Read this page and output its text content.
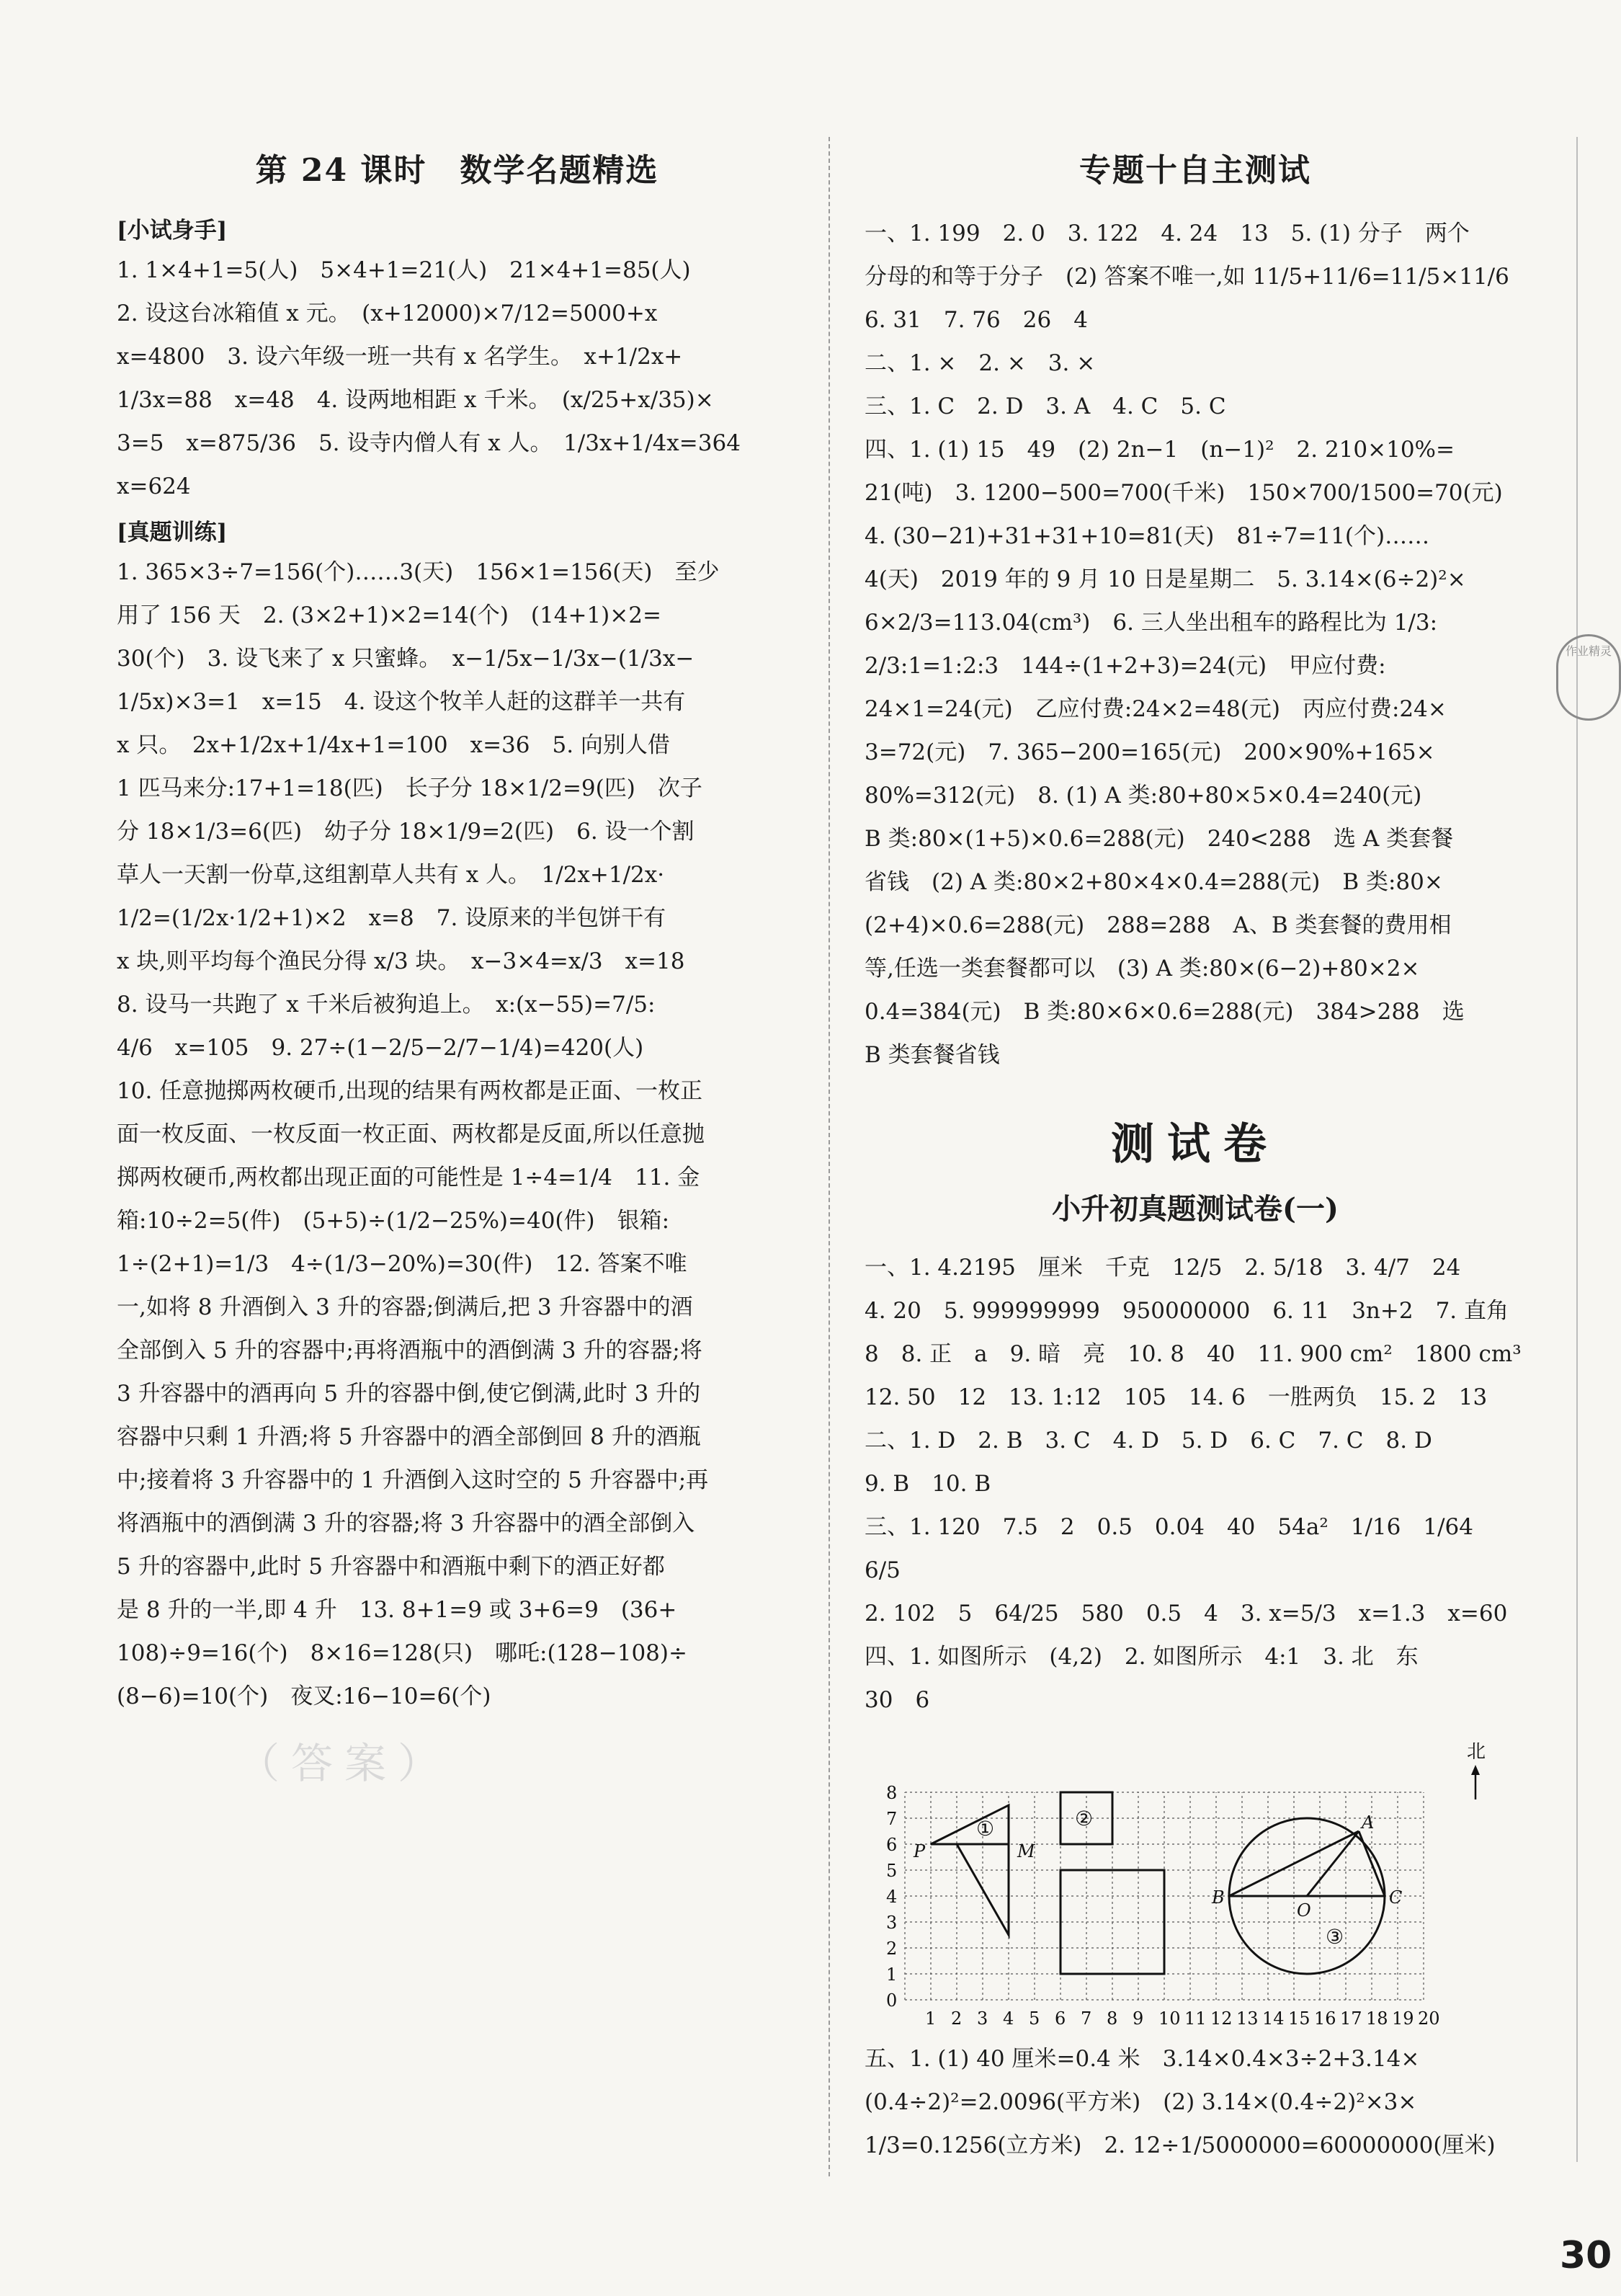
第 24 课时　数学名题精选
[小试身手]

1. 1×4+1=5(人)　5×4+1=21(人)　21×4+1=85(人)

2. 设这台冰箱值 x 元。　(x+12000)×7/12=5000+x

x=4800　3. 设六年级一班一共有 x 名学生。　x+1/2x+

1/3x=88　x=48　4. 设两地相距 x 千米。　(x/25+x/35)×

3=5　x=875/36　5. 设寺内僧人有 x 人。　1/3x+1/4x=364

x=624

[真题训练]

1. 365×3÷7=156(个)……3(天)　156×1=156(天)　至少

用了 156 天　2. (3×2+1)×2=14(个)　(14+1)×2=

30(个)　3. 设飞来了 x 只蜜蜂。　x−1/5x−1/3x−(1/3x−

1/5x)×3=1　x=15　4. 设这个牧羊人赶的这群羊一共有

x 只。　2x+1/2x+1/4x+1=100　x=36　5. 向别人借

1 匹马来分:17+1=18(匹)　长子分 18×1/2=9(匹)　次子

分 18×1/3=6(匹)　幼子分 18×1/9=2(匹)　6. 设一个割

草人一天割一份草,这组割草人共有 x 人。　1/2x+1/2x·

1/2=(1/2x·1/2+1)×2　x=8　7. 设原来的半包饼干有

x 块,则平均每个渔民分得 x/3 块。　x−3×4=x/3　x=18

8. 设马一共跑了 x 千米后被狗追上。　x:(x−55)=7/5:

4/6　x=105　9. 27÷(1−2/5−2/7−1/4)=420(人)

10. 任意抛掷两枚硬币,出现的结果有两枚都是正面、一枚正

面一枚反面、一枚反面一枚正面、两枚都是反面,所以任意抛

掷两枚硬币,两枚都出现正面的可能性是 1÷4=1/4　11. 金

箱:10÷2=5(件)　(5+5)÷(1/2−25%)=40(件)　银箱:

1÷(2+1)=1/3　4÷(1/3−20%)=30(件)　12. 答案不唯

一,如将 8 升酒倒入 3 升的容器;倒满后,把 3 升容器中的酒

全部倒入 5 升的容器中;再将酒瓶中的酒倒满 3 升的容器;将

3 升容器中的酒再向 5 升的容器中倒,使它倒满,此时 3 升的

容器中只剩 1 升酒;将 5 升容器中的酒全部倒回 8 升的酒瓶

中;接着将 3 升容器中的 1 升酒倒入这时空的 5 升容器中;再

将酒瓶中的酒倒满 3 升的容器;将 3 升容器中的酒全部倒入

5 升的容器中,此时 5 升容器中和酒瓶中剩下的酒正好都

是 8 升的一半,即 4 升　13. 8+1=9 或 3+6=9　(36+

108)÷9=16(个)　8×16=128(只)　哪吒:(128−108)÷

(8−6)=10(个)　夜叉:16−10=6(个)

专题十自主测试

一、1. 199　2. 0　3. 122　4. 24　13　5. (1) 分子　两个

分母的和等于分子　(2) 答案不唯一,如 11/5+11/6=11/5×11/6

6. 31　7. 76　26　4

二、1. ×　2. ×　3. ×

三、1. C　2. D　3. A　4. C　5. C

四、1. (1) 15　49　(2) 2n−1　(n−1)²　2. 210×10%=

21(吨)　3. 1200−500=700(千米)　150×700/1500=70(元)

4. (30−21)+31+31+10=81(天)　81÷7=11(个)……

4(天)　2019 年的 9 月 10 日是星期二　5. 3.14×(6÷2)²×

6×2/3=113.04(cm³)　6. 三人坐出租车的路程比为 1/3:

2/3:1=1:2:3　144÷(1+2+3)=24(元)　甲应付费:

24×1=24(元)　乙应付费:24×2=48(元)　丙应付费:24×

3=72(元)　7. 365−200=165(元)　200×90%+165×

80%=312(元)　8. (1) A 类:80+80×5×0.4=240(元)

B 类:80×(1+5)×0.6=288(元)　240<288　选 A 类套餐

省钱　(2) A 类:80×2+80×4×0.4=288(元)　B 类:80×

(2+4)×0.6=288(元)　288=288　A、B 类套餐的费用相

等,任选一类套餐都可以　(3) A 类:80×(6−2)+80×2×

0.4=384(元)　B 类:80×6×0.6=288(元)　384>288　选

B 类套餐省钱

测试卷
小升初真题测试卷(一)

一、1. 4.2195　厘米　千克　12/5　2. 5/18　3. 4/7　24

4. 20　5. 999999999　950000000　6. 11　3n+2　7. 直角

8　8. 正　a　9. 暗　亮　10. 8　40　11. 900 cm²　1800 cm³

12. 50　12　13. 1:12　105　14. 6　一胜两负　15. 2　13

二、1. D　2. B　3. C　4. D　5. D　6. C　7. C　8. D

9. B　10. B

三、1. 120　7.5　2　0.5　0.04　40　54a²　1/16　1/64　6/5

2. 102　5　64/25　580　0.5　4　3. x=5/3　x=1.3　x=60

四、1. 如图所示　(4,2)　2. 如图所示　4:1　3. 北　东

30　6

0
1
2
3
4
5
6
7
8
1 2 3 4 5 6 7 8 9 10 11 12 13 14 15 16 17 18 19 20
①
P	M
②	A
B
O
C
③
北

五、1. (1) 40 厘米=0.4 米　3.14×0.4×3÷2+3.14×

(0.4÷2)²=2.0096(平方米)　(2) 3.14×(0.4÷2)²×3×

1/3=0.1256(立方米)　2. 12÷1/5000000=60000000(厘米)

作业精灵
（答案）
30
